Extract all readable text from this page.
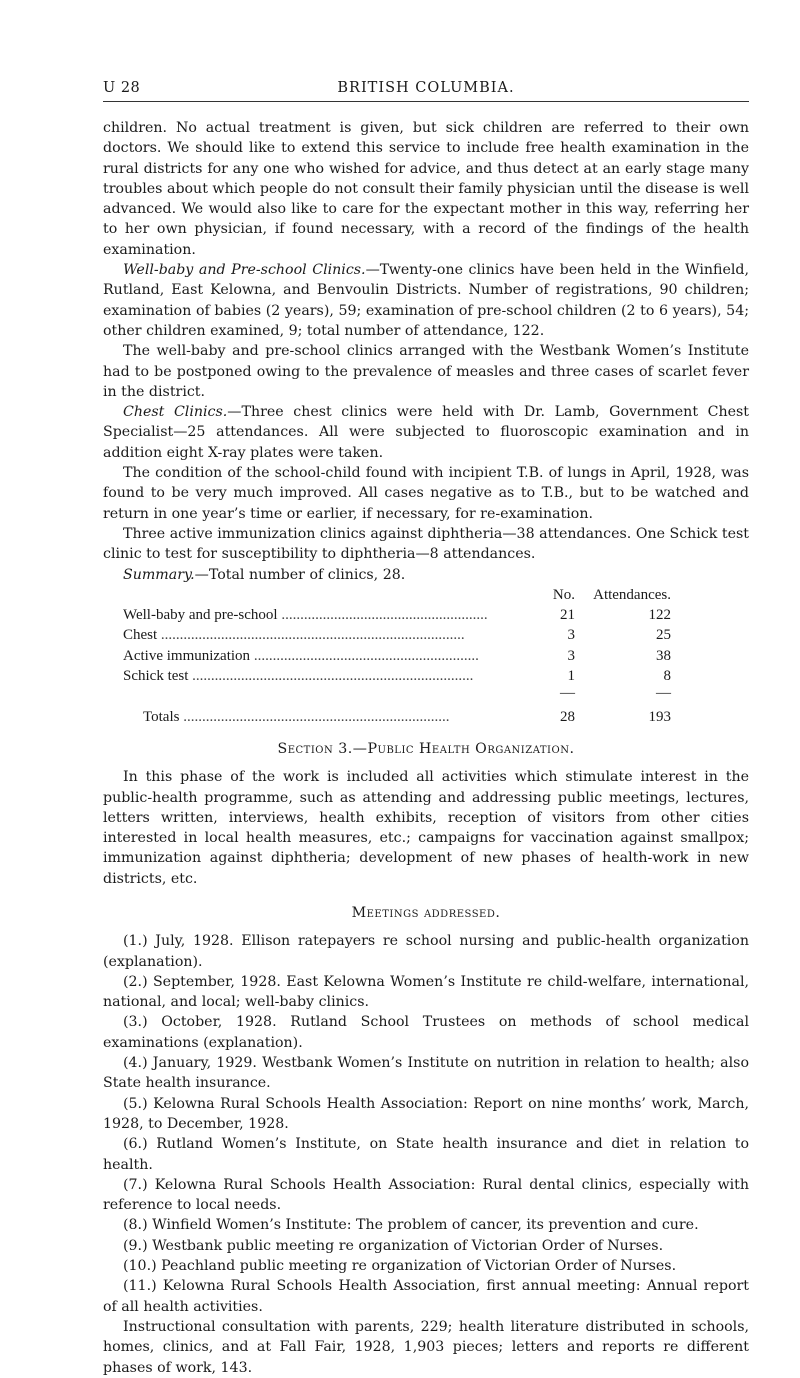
U 28	BRITISH COLUMBIA.

children. No actual treatment is given, but sick children are referred to their own doctors. We should like to extend this service to include free health examination in the rural districts for any one who wished for advice, and thus detect at an early stage many troubles about which people do not consult their family physician until the disease is well advanced. We would also like to care for the expectant mother in this way, referring her to her own physician, if found necessary, with a record of the findings of the health examination.

Well-baby and Pre-school Clinics.—Twenty-one clinics have been held in the Winfield, Rutland, East Kelowna, and Benvoulin Districts. Number of registrations, 90 children; examination of babies (2 years), 59; examination of pre-school children (2 to 6 years), 54; other children examined, 9; total number of attendance, 122.

The well-baby and pre-school clinics arranged with the Westbank Women’s Institute had to be postponed owing to the prevalence of measles and three cases of scarlet fever in the district.

Chest Clinics.—Three chest clinics were held with Dr. Lamb, Government Chest Specialist—25 attendances. All were subjected to fluoroscopic examination and in addition eight X-ray plates were taken.

The condition of the school-child found with incipient T.B. of lungs in April, 1928, was found to be very much improved. All cases negative as to T.B., but to be watched and return in one year’s time or earlier, if necessary, for re-examination.

Three active immunization clinics against diphtheria—38 attendances. One Schick test clinic to test for susceptibility to diphtheria—8 attendances.

Summary.—Total number of clinics, 28.

	No.	Attendances.
Well-baby and pre-school .......................................................	21	122
Chest .................................................................................	3	25
Active immunization ............................................................	3	38
Schick test ...........................................................................	1	8
	—	—
Totals .......................................................................	28	193
Section 3.—Public Health Organization.

In this phase of the work is included all activities which stimulate interest in the public-health programme, such as attending and addressing public meetings, lectures, letters written, interviews, health exhibits, reception of visitors from other cities interested in local health measures, etc.; campaigns for vaccination against smallpox; immunization against diphtheria; development of new phases of health-work in new districts, etc.

Meetings addressed.

(1.) July, 1928. Ellison ratepayers re school nursing and public-health organization (explanation).

(2.) September, 1928. East Kelowna Women’s Institute re child-welfare, international, national, and local; well-baby clinics.

(3.) October, 1928. Rutland School Trustees on methods of school medical examinations (explanation).

(4.) January, 1929. Westbank Women’s Institute on nutrition in relation to health; also State health insurance.

(5.) Kelowna Rural Schools Health Association: Report on nine months’ work, March, 1928, to December, 1928.

(6.) Rutland Women’s Institute, on State health insurance and diet in relation to health.

(7.) Kelowna Rural Schools Health Association: Rural dental clinics, especially with reference to local needs.

(8.) Winfield Women’s Institute: The problem of cancer, its prevention and cure.

(9.) Westbank public meeting re organization of Victorian Order of Nurses.

(10.) Peachland public meeting re organization of Victorian Order of Nurses.

(11.) Kelowna Rural Schools Health Association, first annual meeting: Annual report of all health activities.

Instructional consultation with parents, 229; health literature distributed in schools, homes, clinics, and at Fall Fair, 1928, 1,903 pieces; letters and reports re different phases of work, 143.
